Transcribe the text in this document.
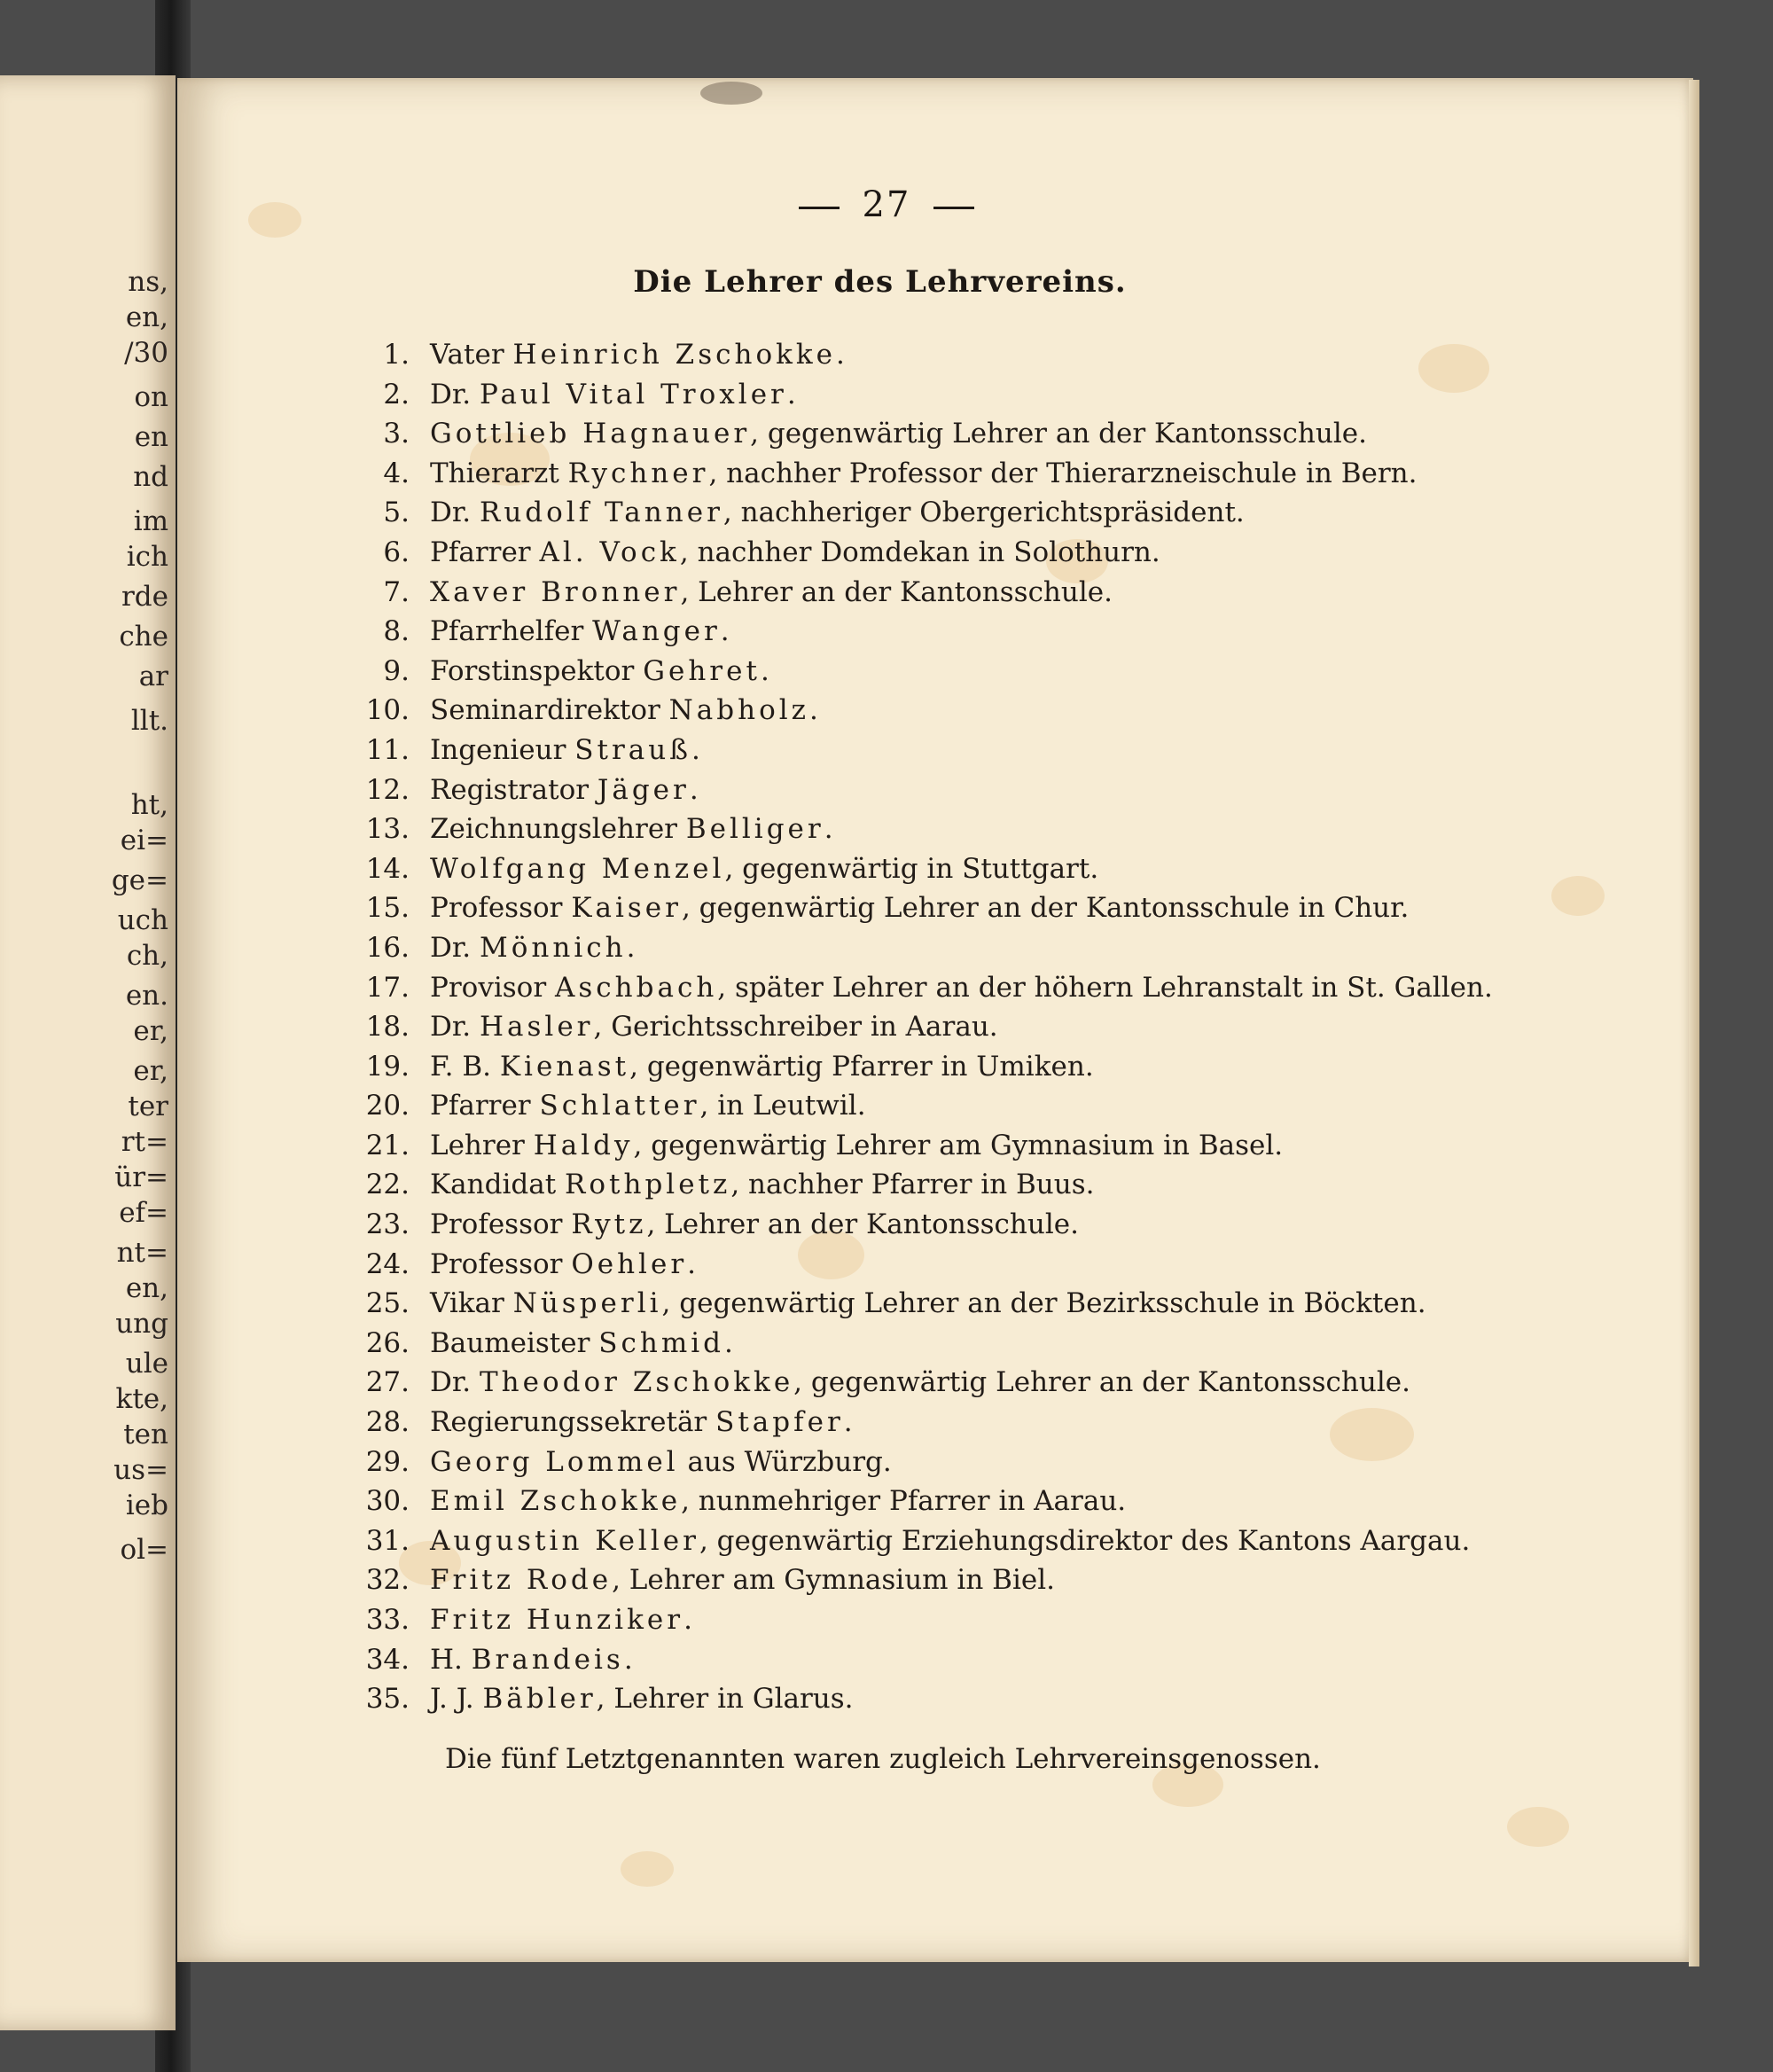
ns,
en,
/30
on
en
nd
im
ich
rde
che
ar
llt.
ht,
ei=
ge=
uch
ch,
en.
er,
er,
ter
rt=
ür=
ef=
nt=
en,
ung
ule
kte,
ten
us=
ieb
ol=
27
Die Lehrer des Lehrvereins.
1. Vater Heinrich Zschokke.
2. Dr. Paul Vital Troxler.
3. Gottlieb Hagnauer, gegenwärtig Lehrer an der Kantonsschule.
4. Thierarzt Rychner, nachher Professor der Thierarzneischule in Bern.
5. Dr. Rudolf Tanner, nachheriger Obergerichtspräsident.
6. Pfarrer Al. Vock, nachher Domdekan in Solothurn.
7. Xaver Bronner, Lehrer an der Kantonsschule.
8. Pfarrhelfer Wanger.
9. Forstinspektor Gehret.
10. Seminardirektor Nabholz.
11. Ingenieur Strauß.
12. Registrator Jäger.
13. Zeichnungslehrer Belliger.
14. Wolfgang Menzel, gegenwärtig in Stuttgart.
15. Professor Kaiser, gegenwärtig Lehrer an der Kantonsschule in Chur.
16. Dr. Mönnich.
17. Provisor Aschbach, später Lehrer an der höhern Lehranstalt in St. Gallen.
18. Dr. Hasler, Gerichtsschreiber in Aarau.
19. F. B. Kienast, gegenwärtig Pfarrer in Umiken.
20. Pfarrer Schlatter, in Leutwil.
21. Lehrer Haldy, gegenwärtig Lehrer am Gymnasium in Basel.
22. Kandidat Rothpletz, nachher Pfarrer in Buus.
23. Professor Rytz, Lehrer an der Kantonsschule.
24. Professor Oehler.
25. Vikar Nüsperli, gegenwärtig Lehrer an der Bezirksschule in Böckten.
26. Baumeister Schmid.
27. Dr. Theodor Zschokke, gegenwärtig Lehrer an der Kantonsschule.
28. Regierungssekretär Stapfer.
29. Georg Lommel aus Würzburg.
30. Emil Zschokke, nunmehriger Pfarrer in Aarau.
31. Augustin Keller, gegenwärtig Erziehungsdirektor des Kantons Aargau.
32. Fritz Rode, Lehrer am Gymnasium in Biel.
33. Fritz Hunziker.
34. H. Brandeis.
35. J. J. Bäbler, Lehrer in Glarus.
Die fünf Letztgenannten waren zugleich Lehrvereinsgenossen.
